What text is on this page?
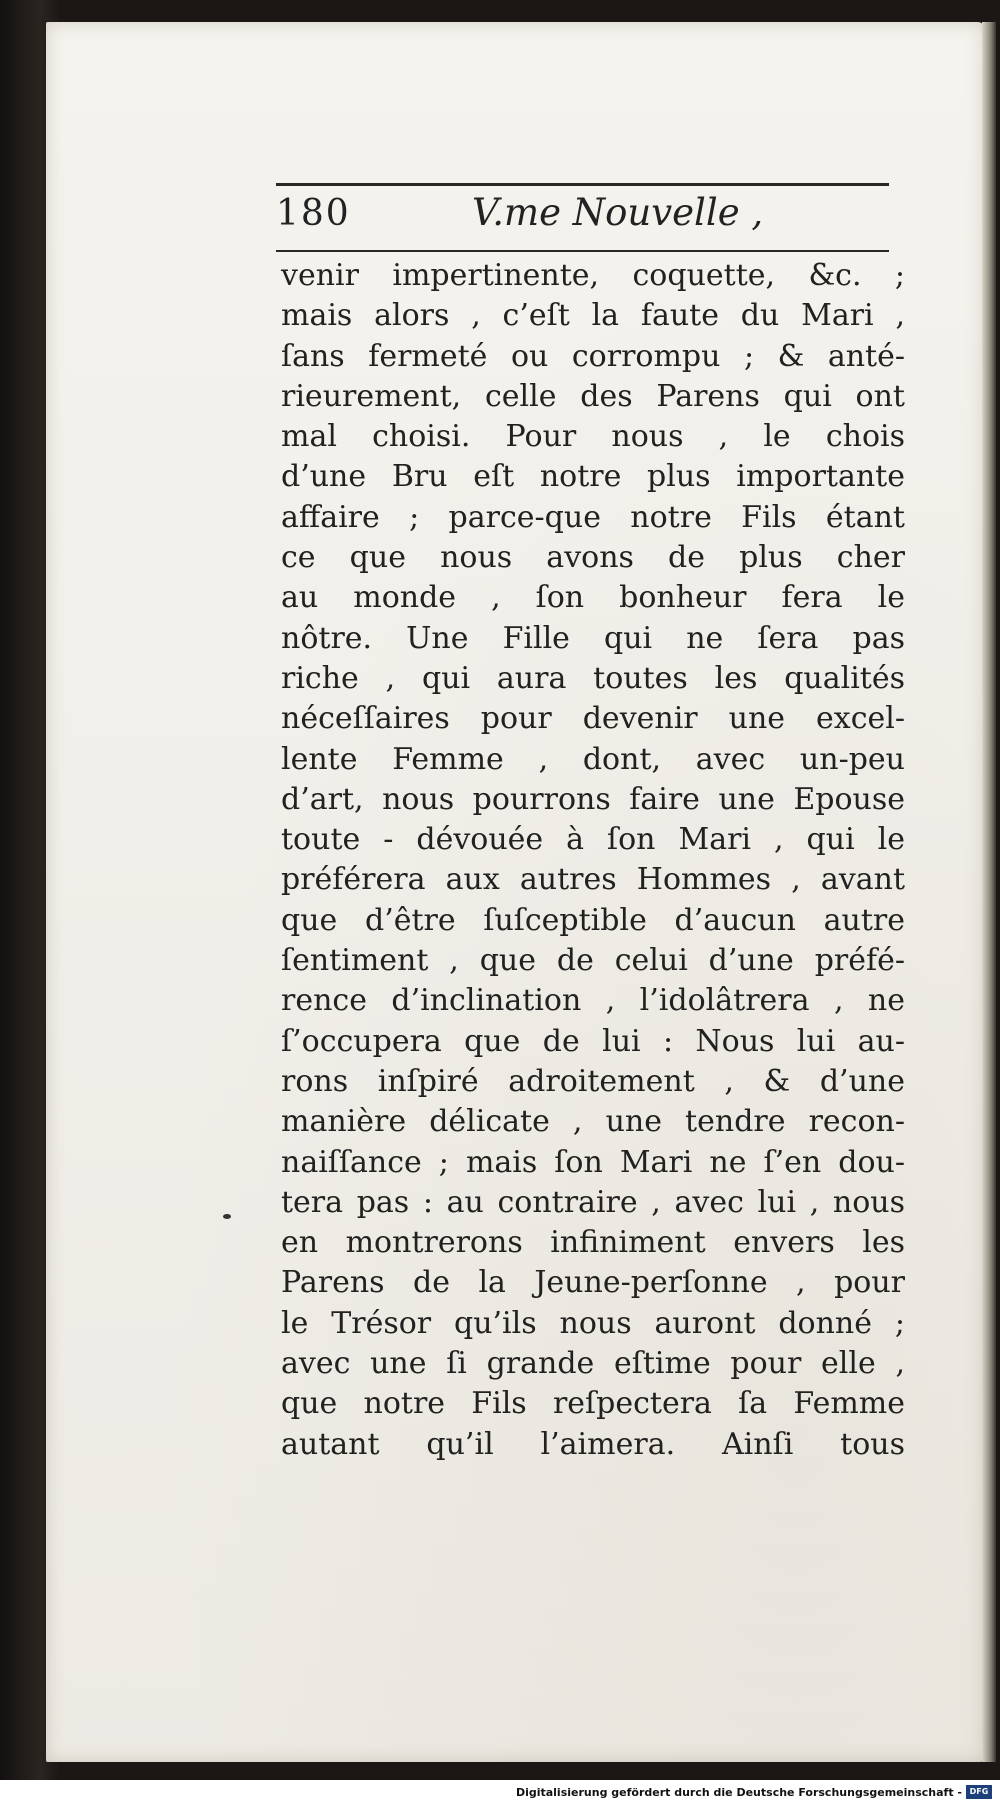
180	V.me Nouvelle ,
venir impertinente, coquette, &c. ;
mais alors , c’eſt la faute du Mari ,
ſans fermeté ou corrompu ; & anté-
rieurement, celle des Parens qui ont
mal choisi. Pour nous , le chois
d’une Bru eſt notre plus importante
affaire ; parce-que notre Fils étant
ce que nous avons de plus cher
au monde , ſon bonheur fera le
nôtre. Une Fille qui ne ſera pas
riche , qui aura toutes les qualités
néceſſaires pour devenir une excel-
lente Femme , dont, avec un-peu
d’art, nous pourrons faire une Epouse
toute - dévouée à ſon Mari , qui le
préférera aux autres Hommes , avant
que d’être ſuſceptible d’aucun autre
ſentiment , que de celui d’une préfé-
rence d’inclination , l’idolâtrera , ne
ſ’occupera que de lui : Nous lui au-
rons inſpiré adroitement , & d’une
manière délicate , une tendre recon-
naiſſance ; mais ſon Mari ne ſ’en dou-
tera pas : au contraire , avec lui , nous
en montrerons infiniment envers les
Parens de la Jeune-perſonne , pour
le Trésor qu’ils nous auront donné ;
avec une ſi grande eſtime pour elle ,
que notre Fils reſpectera ſa Femme
autant qu’il l’aimera. Ainſi tous
Digitalisierung gefördert durch die Deutsche Forschungsgemeinschaft - DFG
